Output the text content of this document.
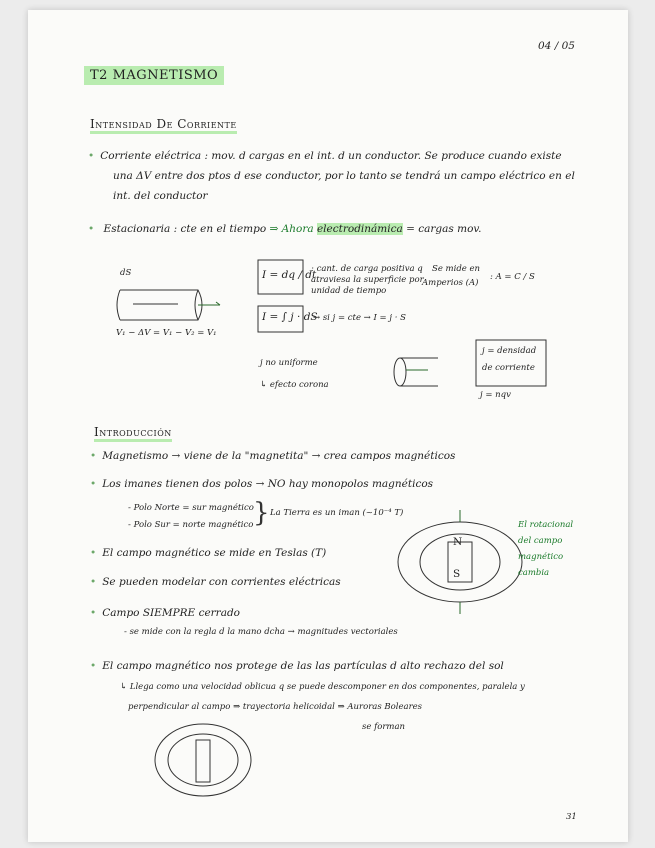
04 / 05
T2 MAGNETISMO
Intensidad De Corriente
• Corriente eléctrica : mov. d cargas en el int. d un conductor. Se produce cuando existe
una ΔV entre dos ptos d ese conductor, por lo tanto se tendrá un campo eléctrico en el
int. del conductor
• Estacionaria : cte en el tiempo ⇒ Ahora electrodinámica = cargas mov.
dS
V₁ − ΔV = V₁ − V₂ = V₁
I = dq / dt
: cant. de carga positiva q
atraviesa la superficie por
unidad de tiempo
Se mide en
Amperios (A)
: A = C / S
I = ∫ j · dS
→ si j = cte → I = j · S
j no uniforme
↳ efecto corona
j = densidad
de corriente
j = nqv
Introducción
• Magnetismo → viene de la "magnetita" → crea campos magnéticos
• Los imanes tienen dos polos → NO hay monopolos magnéticos
- Polo Norte = sur magnético
- Polo Sur = norte magnético } La Tierra es un iman (~10⁻⁴ T)
• El campo magnético se mide en Teslas (T)
• Se pueden modelar con corrientes eléctricas
• Campo SIEMPRE cerrado
- se mide con la regla d la mano dcha → magnitudes vectoriales
N
S
El rotacional
del campo
magnético
cambia
• El campo magnético nos protege de las las partículas d alto rechazo del sol
↳ Llega como una velocidad oblicua q se puede descomponer en dos componentes, paralela y
perpendicular al campo ⇒ trayectoria helicoidal ⇒ Auroras Boleares
se forman
31
